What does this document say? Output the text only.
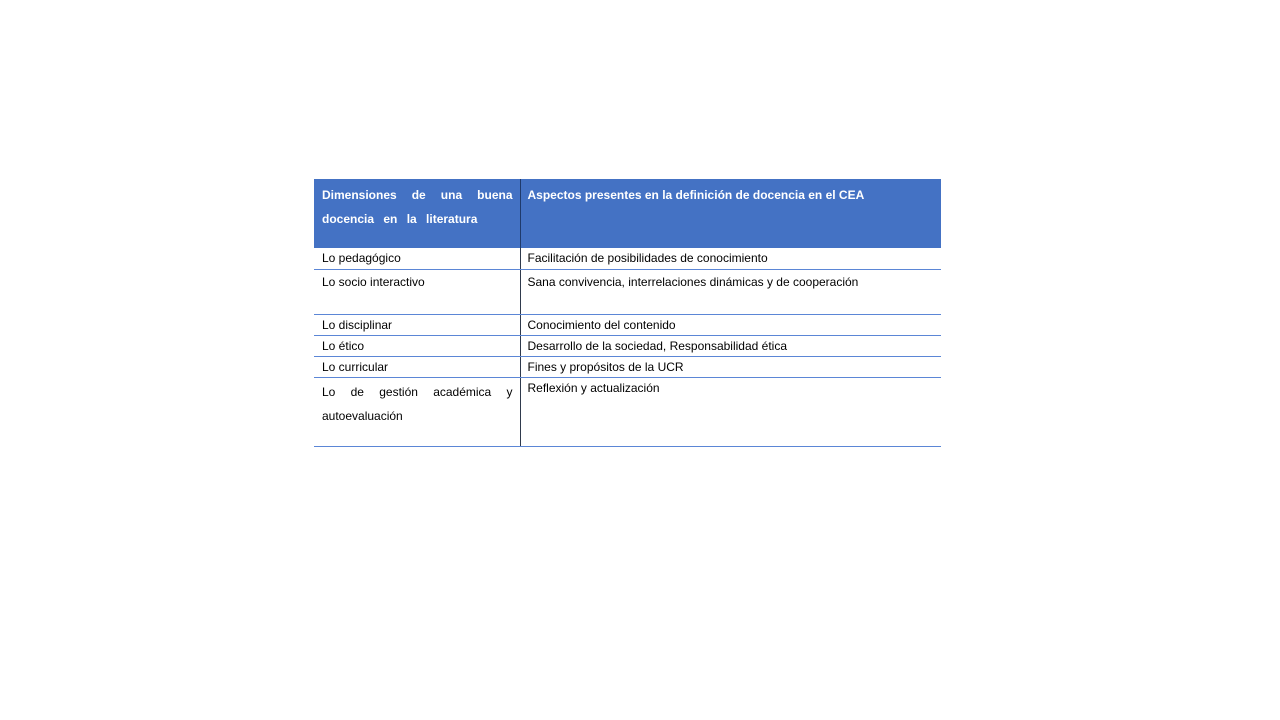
Dimensiones de una buena docencia en la literatura	Aspectos presentes en la definición de docencia en el CEA
Lo pedagógico	Facilitación de posibilidades de conocimiento
Lo socio interactivo	Sana convivencia, interrelaciones dinámicas y de cooperación
Lo disciplinar	Conocimiento del contenido
Lo ético	Desarrollo de la sociedad, Responsabilidad ética
Lo curricular	Fines y propósitos de la UCR
Lo de gestión académica y autoevaluación	Reflexión y actualización
